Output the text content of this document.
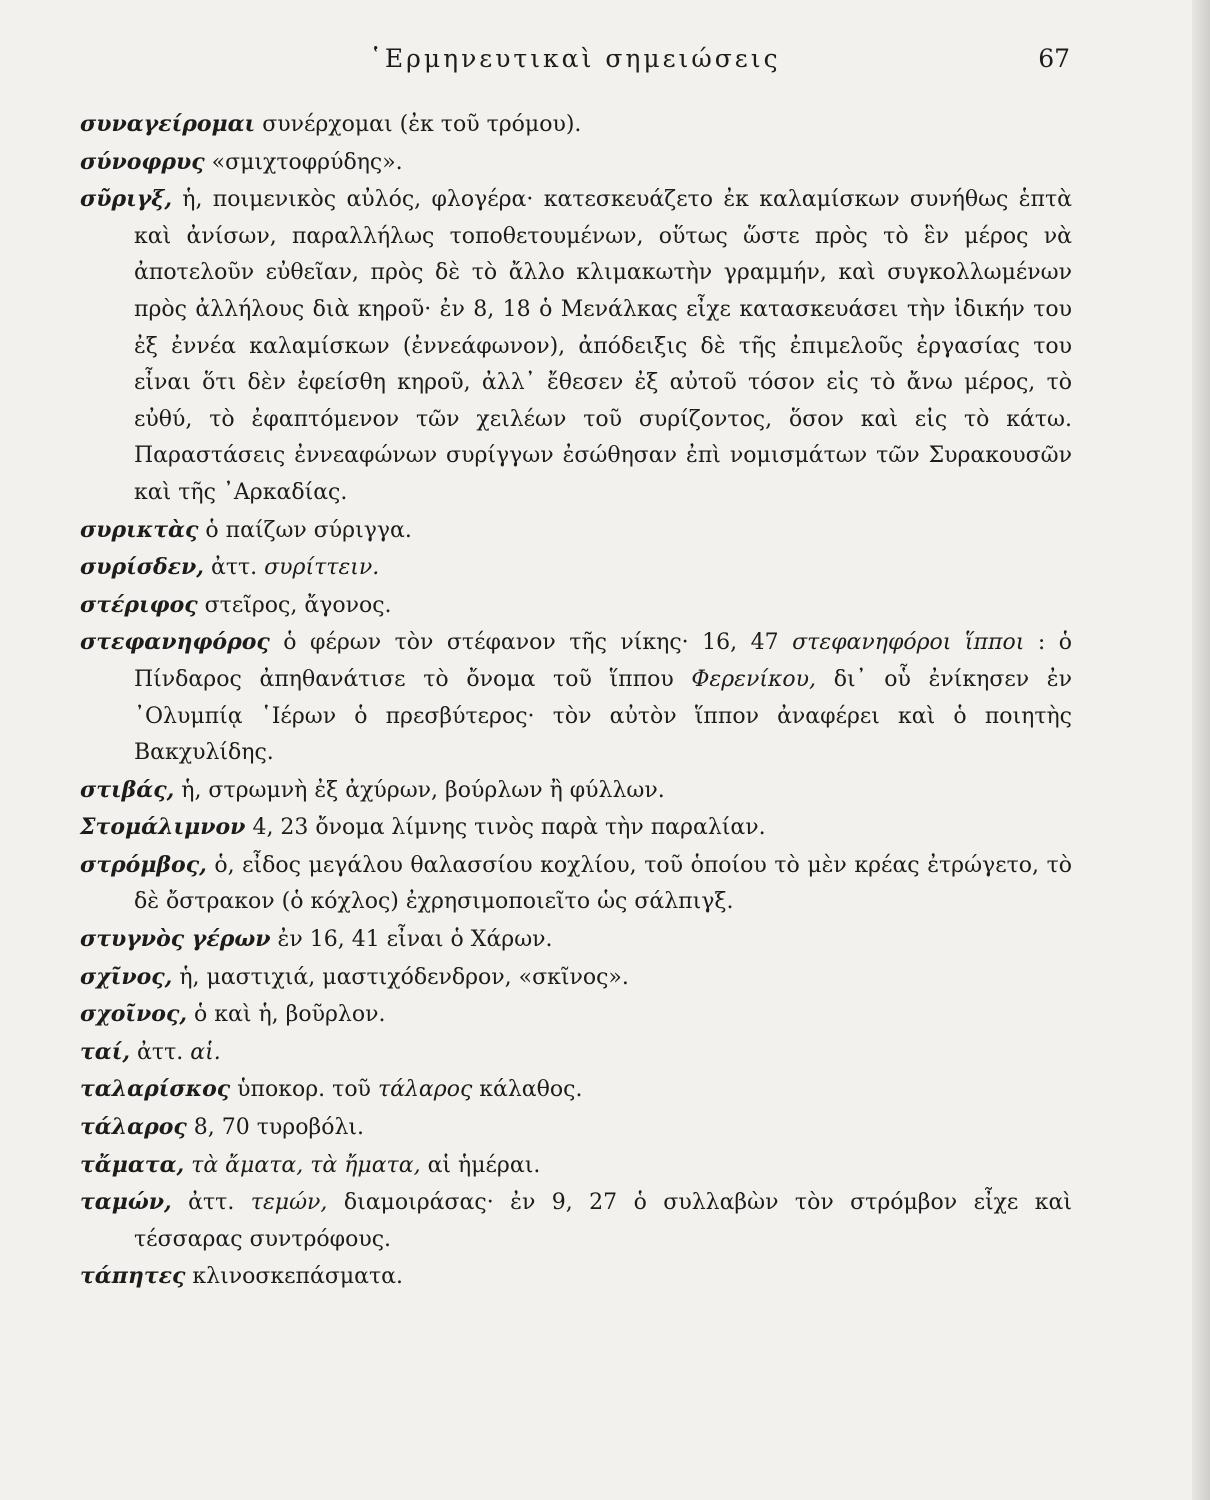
῾Ερμηνευτικαὶ σημειώσεις	67

συναγείρομαι συνέρχομαι (ἐκ τοῦ τρόμου).

σύνοφρυς «σμιχτοφρύδης».

σῦριγξ, ἡ, ποιμενικὸς αὐλός, φλογέρα· κατεσκευάζετο ἐκ καλαμίσκων συνήθως ἑπτὰ καὶ ἀνίσων, παραλλήλως τοποθετουμένων, οὕτως ὥστε πρὸς τὸ ἓν μέρος νὰ ἀποτελοῦν εὐθεῖαν, πρὸς δὲ τὸ ἄλλο κλιμακωτὴν γραμμήν, καὶ συγκολλωμένων πρὸς ἀλλήλους διὰ κηροῦ· ἐν 8, 18 ὁ Μενάλκας εἶχε κατασκευάσει τὴν ἰδικήν του ἐξ ἐννέα καλαμίσκων (ἐννεάφωνον), ἀπόδειξις δὲ τῆς ἐπιμελοῦς ἐργασίας του εἶναι ὅτι δὲν ἐφείσθη κηροῦ, ἀλλ᾿ ἔθεσεν ἐξ αὐτοῦ τόσον εἰς τὸ ἄνω μέρος, τὸ εὐθύ, τὸ ἐφαπτόμενον τῶν χειλέων τοῦ συρίζοντος, ὅσον καὶ εἰς τὸ κάτω. Παραστάσεις ἐννεαφώνων συρίγγων ἐσώθησαν ἐπὶ νομισμάτων τῶν Συρακουσῶν καὶ τῆς ᾿Αρκαδίας.

συρικτὰς ὁ παίζων σύριγγα.

συρίσδεν, ἀττ. συρίττειν.

στέριφος στεῖρος, ἄγονος.

στεφανηφόρος ὁ φέρων τὸν στέφανον τῆς νίκης· 16, 47 στεφανηφόροι ἵπποι : ὁ Πίνδαρος ἀπηθανάτισε τὸ ὄνομα τοῦ ἵππου Φερενίκου, δι᾿ οὗ ἐνίκησεν ἐν ᾿Ολυμπίᾳ ῾Ιέρων ὁ πρεσβύτερος· τὸν αὐτὸν ἵππον ἀναφέρει καὶ ὁ ποιητὴς Βακχυλίδης.

στιβάς, ἡ, στρωμνὴ ἐξ ἀχύρων, βούρλων ἢ φύλλων.

Στομάλιμνον 4, 23 ὄνομα λίμνης τινὸς παρὰ τὴν παραλίαν.

στρόμβος, ὁ, εἶδος μεγάλου θαλασσίου κοχλίου, τοῦ ὁποίου τὸ μὲν κρέας ἐτρώγετο, τὸ δὲ ὄστρακον (ὁ κόχλος) ἐχρησιμοποιεῖτο ὡς σάλπιγξ.

στυγνὸς γέρων ἐν 16, 41 εἶναι ὁ Χάρων.

σχῖνος, ἡ, μαστιχιά, μαστιχόδενδρον, «σκῖνος».

σχοῖνος, ὁ καὶ ἡ, βοῦρλον.

ταί, ἀττ. αἱ.

ταλαρίσκος ὑποκορ. τοῦ τάλαρος κάλαθος.

τάλαρος 8, 70 τυροβόλι.

τἄματα, τὰ ἄματα, τὰ ἤματα, αἱ ἡμέραι.

ταμών, ἀττ. τεμών, διαμοιράσας· ἐν 9, 27 ὁ συλλαβὼν τὸν στρόμβον εἶχε καὶ τέσσαρας συντρόφους.

τάπητες κλινοσκεπάσματα.
